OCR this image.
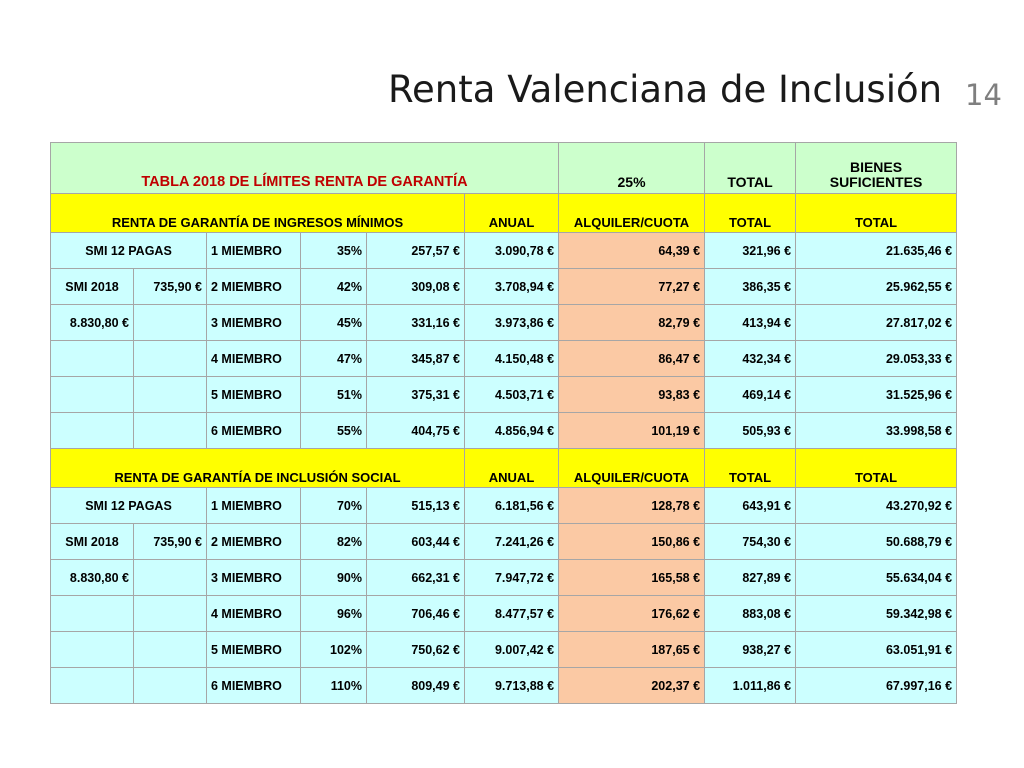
Renta Valenciana de Inclusión 14
TABLA 2018 DE LÍMITES RENTA DE GARANTÍA						25%	TOTAL	BIENES
SUFICIENTES
RENTA DE GARANTÍA DE INGRESOS MÍNIMOS					ANUAL	ALQUILER/CUOTA	TOTAL	TOTAL
SMI 12 PAGAS		1 MIEMBRO	35%	257,57 €	3.090,78 €	64,39 €	321,96 €	21.635,46 €
SMI 2018	735,90 €	2 MIEMBRO	42%	309,08 €	3.708,94 €	77,27 €	386,35 €	25.962,55 €
8.830,80 €		3 MIEMBRO	45%	331,16 €	3.973,86 €	82,79 €	413,94 €	27.817,02 €
		4 MIEMBRO	47%	345,87 €	4.150,48 €	86,47 €	432,34 €	29.053,33 €
		5 MIEMBRO	51%	375,31 €	4.503,71 €	93,83 €	469,14 €	31.525,96 €
		6 MIEMBRO	55%	404,75 €	4.856,94 €	101,19 €	505,93 €	33.998,58 €
RENTA DE GARANTÍA DE INCLUSIÓN SOCIAL					ANUAL	ALQUILER/CUOTA	TOTAL	TOTAL
SMI 12 PAGAS		1 MIEMBRO	70%	515,13 €	6.181,56 €	128,78 €	643,91 €	43.270,92 €
SMI 2018	735,90 €	2 MIEMBRO	82%	603,44 €	7.241,26 €	150,86 €	754,30 €	50.688,79 €
8.830,80 €		3 MIEMBRO	90%	662,31 €	7.947,72 €	165,58 €	827,89 €	55.634,04 €
		4 MIEMBRO	96%	706,46 €	8.477,57 €	176,62 €	883,08 €	59.342,98 €
		5 MIEMBRO	102%	750,62 €	9.007,42 €	187,65 €	938,27 €	63.051,91 €
		6 MIEMBRO	110%	809,49 €	9.713,88 €	202,37 €	1.011,86 €	67.997,16 €
